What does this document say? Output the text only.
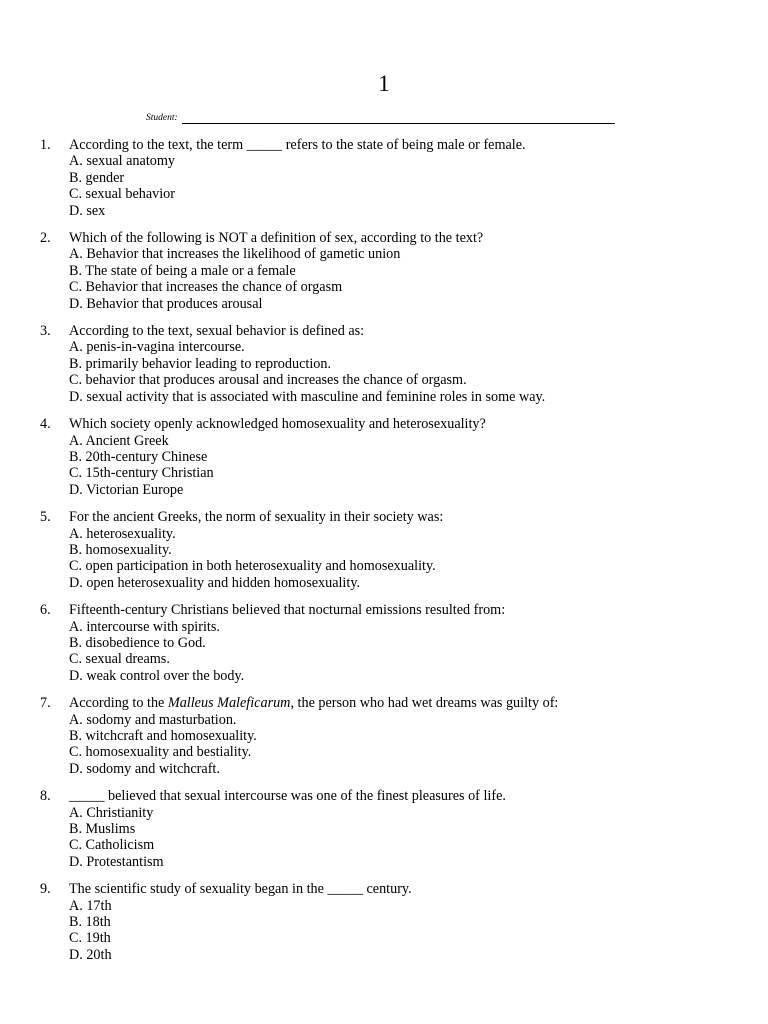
1
Student:
1. According to the text, the term _____ refers to the state of being male or female.
A. sexual anatomy
B. gender
C. sexual behavior
D. sex
2. Which of the following is NOT a definition of sex, according to the text?
A. Behavior that increases the likelihood of gametic union
B. The state of being a male or a female
C. Behavior that increases the chance of orgasm
D. Behavior that produces arousal
3. According to the text, sexual behavior is defined as:
A. penis-in-vagina intercourse.
B. primarily behavior leading to reproduction.
C. behavior that produces arousal and increases the chance of orgasm.
D. sexual activity that is associated with masculine and feminine roles in some way.
4. Which society openly acknowledged homosexuality and heterosexuality?
A. Ancient Greek
B. 20th-century Chinese
C. 15th-century Christian
D. Victorian Europe
5. For the ancient Greeks, the norm of sexuality in their society was:
A. heterosexuality.
B. homosexuality.
C. open participation in both heterosexuality and homosexuality.
D. open heterosexuality and hidden homosexuality.
6. Fifteenth-century Christians believed that nocturnal emissions resulted from:
A. intercourse with spirits.
B. disobedience to God.
C. sexual dreams.
D. weak control over the body.
7. According to the Malleus Maleficarum, the person who had wet dreams was guilty of:
A. sodomy and masturbation.
B. witchcraft and homosexuality.
C. homosexuality and bestiality.
D. sodomy and witchcraft.
8. _____ believed that sexual intercourse was one of the finest pleasures of life.
A. Christianity
B. Muslims
C. Catholicism
D. Protestantism
9. The scientific study of sexuality began in the _____ century.
A. 17th
B. 18th
C. 19th
D. 20th
